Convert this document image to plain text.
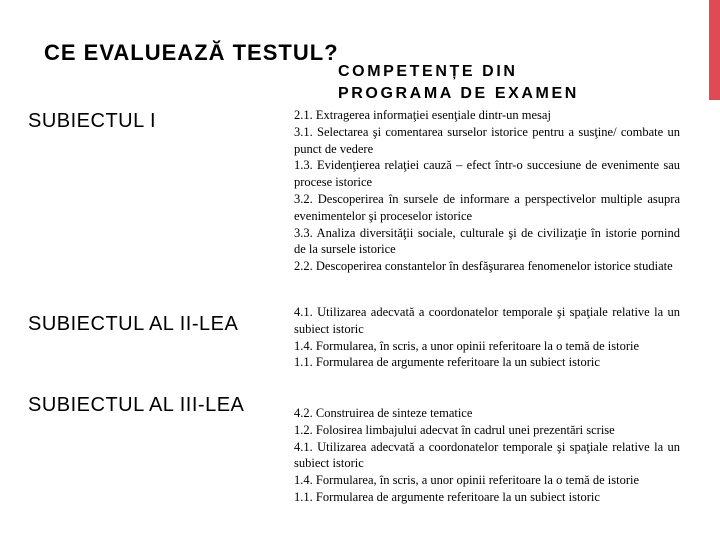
CE EVALUEAZĂ TESTUL?
COMPETENȚE DIN
PROGRAMA DE EXAMEN
SUBIECTUL I
SUBIECTUL AL II-LEA
SUBIECTUL AL III-LEA
2.1. Extragerea informaţiei esenţiale dintr-un mesaj
3.1. Selectarea şi comentarea surselor istorice pentru a susţine/ combate un punct de vedere
1.3. Evidenţierea relaţiei cauză – efect într-o succesiune de evenimente sau procese istorice
3.2. Descoperirea în sursele de informare a perspectivelor multiple asupra evenimentelor şi proceselor istorice
3.3. Analiza diversităţii sociale, culturale şi de civilizaţie în istorie pornind de la sursele istorice
2.2. Descoperirea constantelor în desfăşurarea fenomenelor istorice studiate
4.1. Utilizarea adecvată a coordonatelor temporale şi spaţiale relative la un subiect istoric
1.4. Formularea, în scris, a unor opinii referitoare la o temă de istorie
1.1. Formularea de argumente referitoare la un subiect istoric
4.2. Construirea de sinteze tematice
1.2. Folosirea limbajului adecvat în cadrul unei prezentări scrise
4.1. Utilizarea adecvată a coordonatelor temporale şi spaţiale relative la un subiect istoric
1.4. Formularea, în scris, a unor opinii referitoare la o temă de istorie
1.1. Formularea de argumente referitoare la un subiect istoric
